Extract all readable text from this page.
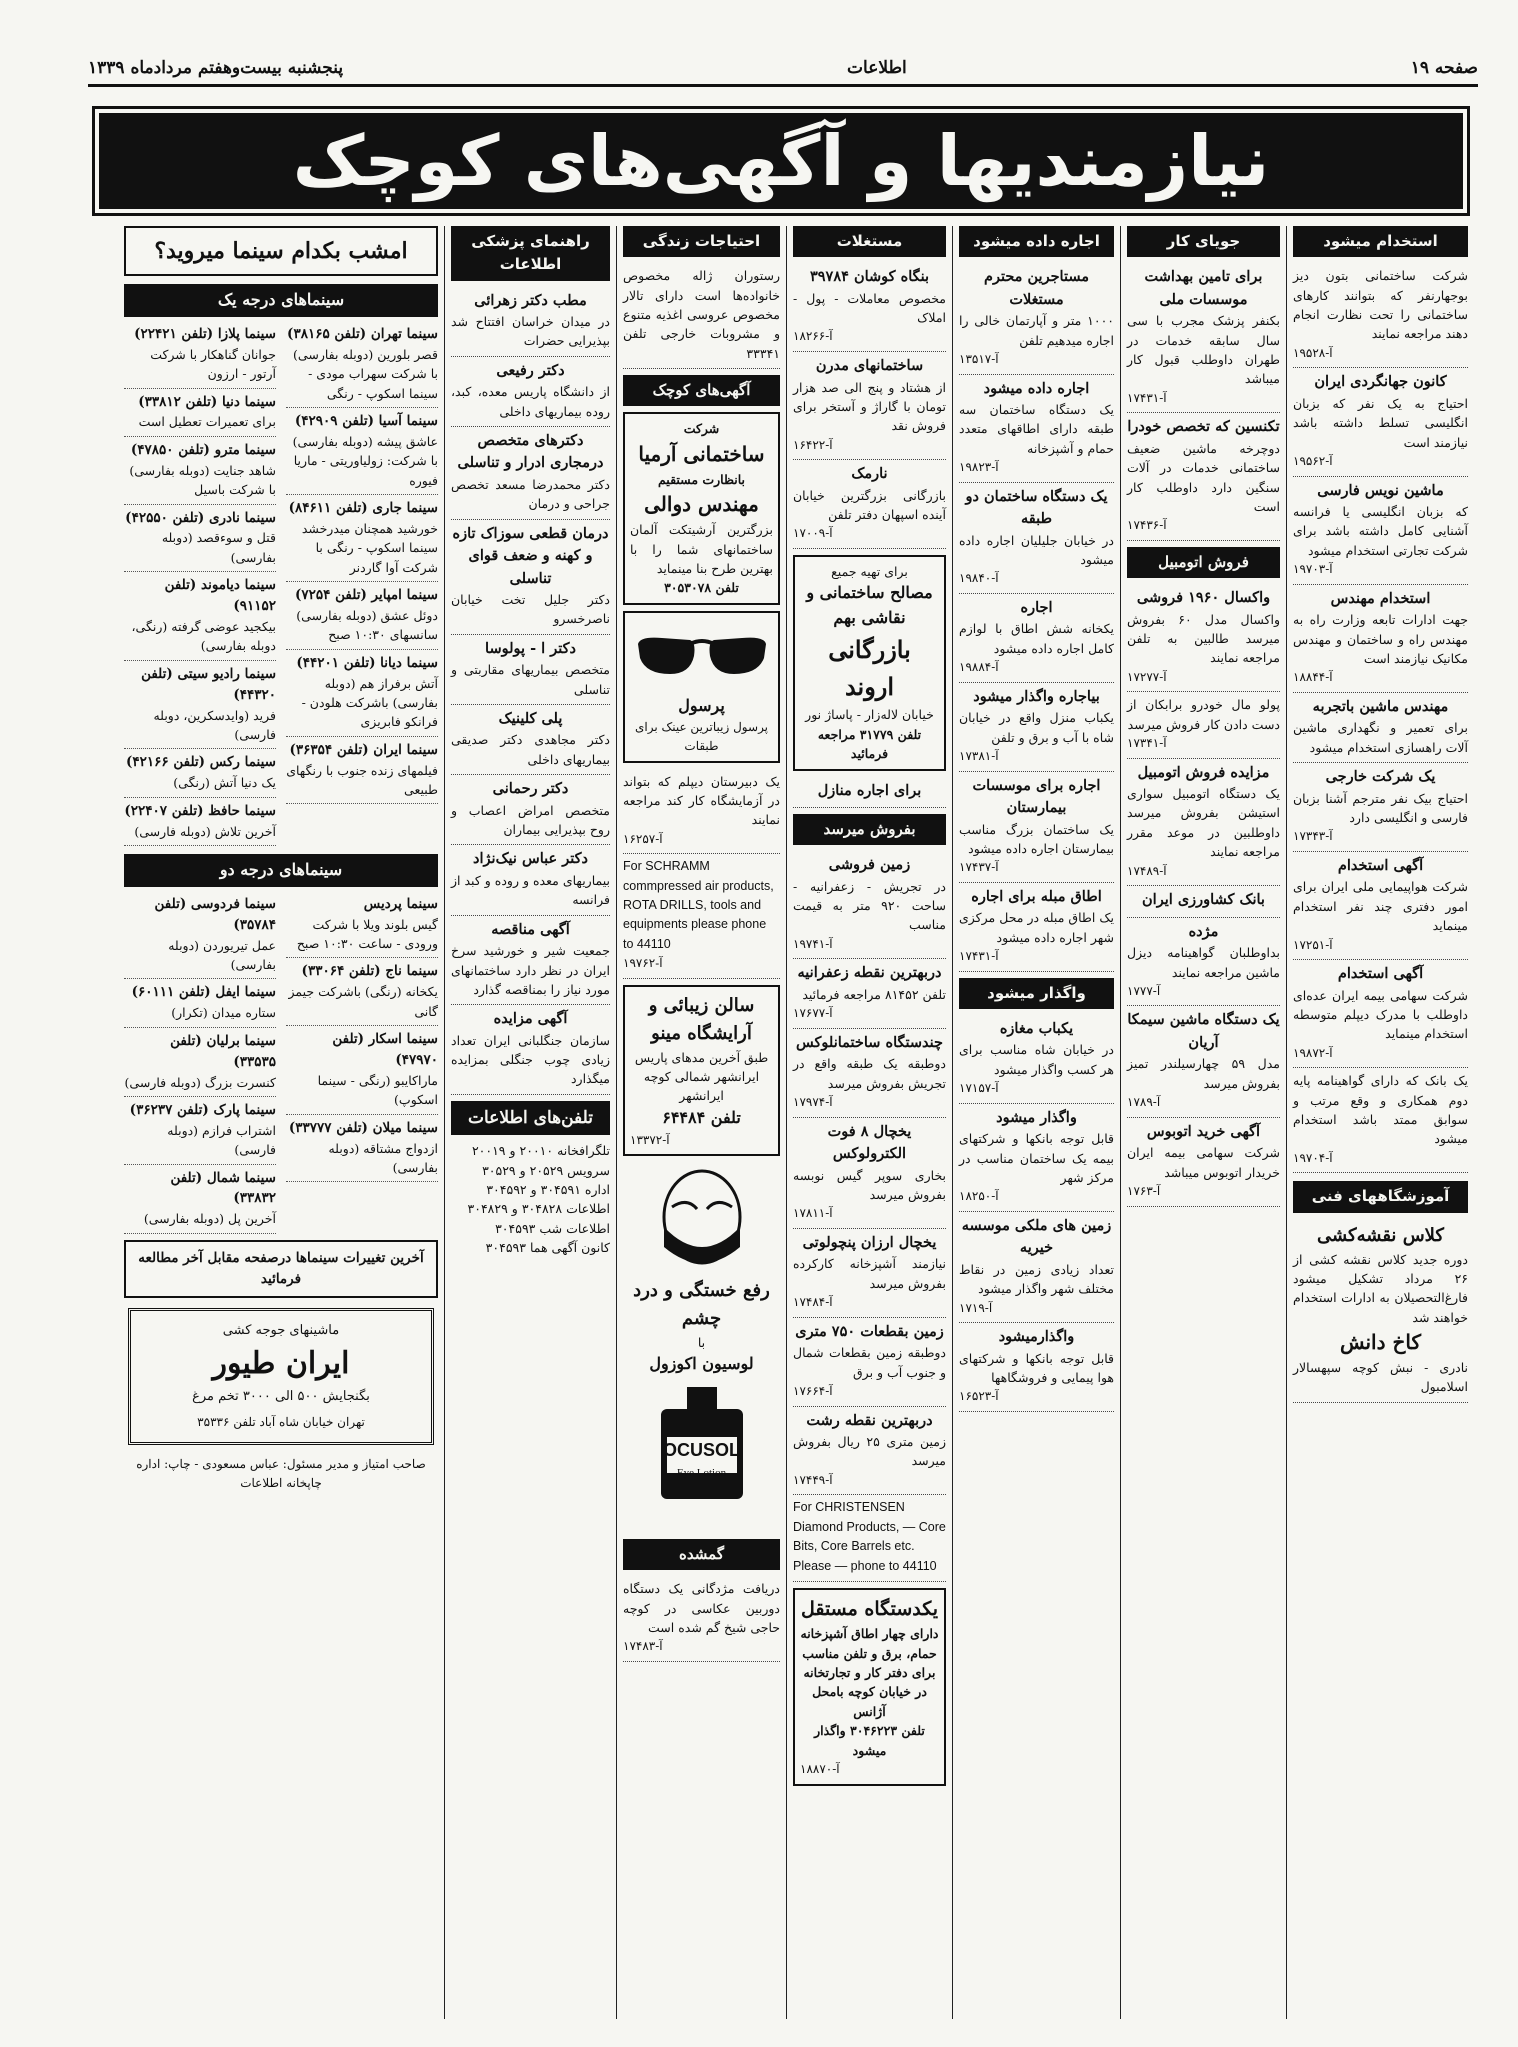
صفحه ۱۹
اطلاعات
پنجشنبه بیست‌وهفتم مردادماه ۱۳۳۹
نیازمندیها و آگهی‌های کوچک
استخدام میشود
شرکت ساختمانی بتون دیز بوجهارنفر که بتوانند کارهای ساختمانی را تحت نظارت انجام دهند مراجعه نمایند
۱۹۵۲۸-آ
کانون جهانگردی ایران
احتیاج به یک نفر که بزبان انگلیسی تسلط داشته باشد نیازمند است
۱۹۵۶۲-آ
ماشین نویس فارسی
که بزبان انگلیسی یا فرانسه آشنایی کامل داشته باشد برای شرکت تجارتی استخدام میشود
۱۹۷۰۳-آ
استخدام مهندس
جهت ادارات تابعه وزارت راه به مهندس راه و ساختمان و مهندس مکانیک نیازمند است
۱۸۸۴۴-آ
مهندس ماشین باتجربه
برای تعمیر و نگهداری ماشین آلات راهسازی استخدام میشود
یک شرکت خارجی
احتیاج بیک نفر مترجم آشنا بزبان فارسی و انگلیسی دارد
۱۷۳۴۳-آ
آگهی استخدام
شرکت هواپیمایی ملی ایران برای امور دفتری چند نفر استخدام مینماید
۱۷۲۵۱-آ
آگهی استخدام
شرکت سهامی بیمه ایران عده‌ای داوطلب با مدرک دیپلم متوسطه استخدام مینماید
۱۹۸۷۲-آ
یک بانک که دارای گواهینامه پایه دوم همکاری و وقع مرتب و سوابق ممتد باشد استخدام میشود
۱۹۷۰۴-آ
آموزشگاههای فنی
کلاس نقشه‌کشی
دوره جدید کلاس نقشه کشی از ۲۶ مرداد تشکیل میشود فارغ‌التحصیلان به ادارات استخدام خواهند شد
کاخ دانش
نادری - نبش کوچه سپهسالار اسلامبول
جویای کار
برای تامین بهداشت موسسات ملی
بکنفر پزشک مجرب با سی سال سابقه خدمات در طهران داوطلب قبول کار میباشد
۱۷۴۳۱-آ
تکنسین که تخصص خودرا
دوچرخه ماشین ضعیف ساختمانی خدمات در آلات سنگین دارد داوطلب کار است
۱۷۴۳۶-آ
فروش اتومبیل
واکسال ۱۹۶۰ فروشی
واکسال مدل ۶۰ بفروش میرسد طالبین به تلفن مراجعه نمایند
۱۷۲۷۷-آ
پولو مال خودرو برابکان از دست دادن کار فروش میرسد
۱۷۳۴۱-آ
مزایده فروش اتومبیل
یک دستگاه اتومبیل سواری استیشن بفروش میرسد داوطلبین در موعد مقرر مراجعه نمایند
۱۷۴۸۹-آ
بانک کشاورزی ایران
مژده
بداوطلبان گواهینامه دیزل ماشین مراجعه نمایند
۱۷۷۷-آ
یک دستگاه ماشین سیمکا آریان
مدل ۵۹ چهارسیلندر تمیز بفروش میرسد
۱۷۸۹-آ
آگهی خرید اتوبوس
شرکت سهامی بیمه ایران خریدار اتوبوس میباشد
۱۷۶۳-آ
اجاره داده میشود
مستاجرین محترم مستغلات
۱۰۰۰ متر و آپارتمان خالی را اجاره میدهیم تلفن
۱۳۵۱۷-آ
اجاره داده میشود
یک دستگاه ساختمان سه طبقه دارای اطاقهای متعدد حمام و آشپزخانه
۱۹۸۲۳-آ
یک دستگاه ساختمان دو طبقه
در خیابان جلیلیان اجاره داده میشود
۱۹۸۴۰-آ
اجاره
یکخانه شش اطاق با لوازم کامل اجاره داده میشود
۱۹۸۸۴-آ
بیاجاره واگذار میشود
یکباب منزل واقع در خیابان شاه با آب و برق و تلفن
۱۷۳۸۱-آ
اجاره برای موسسات بیمارستان
یک ساختمان بزرگ مناسب بیمارستان اجاره داده میشود
۱۷۴۳۷-آ
اطاق مبله برای اجاره
یک اطاق مبله در محل مرکزی شهر اجاره داده میشود
۱۷۴۳۱-آ
واگذار میشود
یکباب مغازه
در خیابان شاه مناسب برای هر کسب واگذار میشود
۱۷۱۵۷-آ
واگذار میشود
قابل توجه بانکها و شرکتهای بیمه یک ساختمان مناسب در مرکز شهر
۱۸۲۵۰-آ
زمین های ملکی موسسه خیریه
تعداد زیادی زمین در نقاط مختلف شهر واگذار میشود
۱۷۱۹-آ
واگذارمیشود
قابل توجه بانکها و شرکتهای هوا پیمایی و فروشگاهها
۱۶۵۲۳-آ
مستغلات
بنگاه کوشان ۳۹۷۸۴
مخصوص معاملات - پول - املاک
۱۸۲۶۶-آ
ساختمانهای مدرن
از هشتاد و پنج الی صد هزار تومان با گاراژ و آستخر برای فروش نقد
۱۶۴۲۲-آ
نارمک
بازرگانی بزرگترین خیابان آینده اسپهان دفتر تلفن
۱۷۰۰۹-آ
برای تهیه جمیع
مصالح ساختمانی و نقاشی بهم
بازرگانی اروند
خیابان لاله‌زار - پاساژ نور
تلفن ۳۱۷۷۹ مراجعه فرمائید
برای اجاره منازل
بفروش میرسد
زمین فروشی
در تجریش - زعفرانیه - ساحت ۹۲۰ متر به قیمت مناسب
۱۹۷۴۱-آ
دربهترین نقطه زعفرانیه
تلفن ۸۱۴۵۲ مراجعه فرمائید
۱۷۶۷۷-آ
چندستگاه ساختمانلوکس
دوطبقه یک طبقه واقع در تجریش بفروش میرسد
۱۷۹۷۴-آ
یخچال ۸ فوت الکترولوکس
بخاری سوپر گیس نوبسه بفروش میرسد
۱۷۸۱۱-آ
یخچال ارزان پنچولوتی
نیازمند آشپزخانه کارکرده بفروش میرسد
۱۷۴۸۴-آ
زمین بقطعات ۷۵۰ متری
دوطبقه زمین بقطعات شمال و جنوب آب و برق
۱۷۶۶۴-آ
دربهترین نقطه رشت
زمین متری ۲۵ ریال بفروش میرسد
۱۷۴۴۹-آ
For CHRISTENSEN Diamond Products, — Core Bits, Core Barrels etc. Please — phone to 44110
یکدستگاه مستقل
دارای چهار اطاق آشپزخانه حمام، برق و تلفن مناسب برای دفتر کار و تجارتخانه در خیابان کوچه بامحل آژانس
تلفن ۳۰۴۶۲۲۳ واگذار میشود
۱۸۸۷۰-آ
احتیاجات زندگی
رستوران ژاله مخصوص خانواده‌ها است دارای تالار مخصوص عروسی اغذیه متنوع و مشروبات خارجی تلفن ۳۳۳۴۱
آگهی‌های کوچک
شرکت
ساختمانی آرمیا
بانظارت مستقیم
مهندس دوالی
بزرگترین آرشیتکت آلمان ساختمانهای شما را با بهترین طرح بنا مینماید
تلفن ۳۰۵۳۰۷۸
پرسول
پرسول زیباترین عینک برای طبقات
یک دبیرستان دیپلم که بتواند در آزمایشگاه کار کند مراجعه نمایند
۱۶۲۵۷-آ
For SCHRAMM commpressed air products, ROTA DRILLS, tools and equipments please phone to 44110
۱۹۷۶۲-آ
سالن زیبائی و آرایشگاه مینو
طبق آخرین مدهای پاریس ایرانشهر شمالی کوچه ایرانشهر
تلفن ۶۴۴۸۴
۱۳۳۷۲-آ
رفع خستگی و درد چشم
با
لوسیون اکوزول
OCUSOL
Eye Lotion
گمشده
دریافت مژدگانی یک دستگاه دوربین عکاسی در کوچه حاجی شیخ گم شده است
۱۷۴۸۳-آ
راهنمای پزشکی اطلاعات
مطب دکتر زهرائی
در میدان خراسان افتتاح شد بپذیرایی حضرات
دکتر رفیعی
از دانشگاه پاریس معده، کبد، روده بیماریهای داخلی
دکترهای متخصص درمجاری ادرار و تناسلی
دکتر محمدرضا مسعد تخصص جراحی و درمان
درمان قطعی سوزاک تازه و کهنه و ضعف قوای تناسلی
دکتر جلیل تخت خیابان ناصرخسرو
دکتر ا - پولوسا
متخصص بیماریهای مقاربتی و تناسلی
پلی کلینیک
دکتر مجاهدی دکتر صدیقی بیماریهای داخلی
دکتر رحمانی
متخصص امراض اعصاب و روح بپذیرایی بیماران
دکتر عباس نیک‌نژاد
بیماریهای معده و روده و کبد از فرانسه
آگهی مناقصه
جمعیت شیر و خورشید سرخ ایران در نظر دارد ساختمانهای مورد نیاز را بمناقصه گذارد
آگهی مزایده
سازمان جنگلبانی ایران تعداد زیادی چوب جنگلی بمزایده میگذارد
تلفن‌های اطلاعات
تلگرافخانه ۲۰۰۱۰ و ۲۰۰۱۹
سرویس ۲۰۵۲۹ و ۳۰۵۲۹
اداره ۳۰۴۵۹۱ و ۳۰۴۵۹۲
اطلاعات ۳۰۴۸۲۸ و ۳۰۴۸۲۹
اطلاعات شب ۳۰۴۵۹۳
کانون آگهی هما ۳۰۴۵۹۳
امشب بکدام سینما میروید؟
سینماهای درجه یک
سینما تهران (تلفن ۳۸۱۶۵)
قصر بلورین (دوبله بفارسی) با شرکت سهراب مودی - سینما اسکوپ - رنگی
سینما آسیا (تلفن ۴۲۹۰۹)
عاشق پیشه (دوبله بفارسی) با شرکت: زولیاوریتی - ماریا فیوره
سینما جاری (تلفن ۸۴۶۱۱)
خورشید همچنان میدرخشد سینما اسکوپ - رنگی با شرکت آوا گاردنر
سینما امپایر (تلفن ۷۲۵۴)
دوئل عشق (دوبله بفارسی) سانسهای ۱۰:۳۰ صبح
سینما دیانا (تلفن ۴۴۲۰۱)
آتش برفراز هم (دوبله بفارسی) باشرکت هلودن - فرانکو فابریزی
سینما ایران (تلفن ۳۶۳۵۴)
فیلمهای زنده جنوب با رنگهای طبیعی
سینما پلازا (تلفن ۲۲۴۲۱)
جوانان گناهکار با شرکت آرتور - ارزون
سینما دنیا (تلفن ۳۳۸۱۲)
برای تعمیرات تعطیل است
سینما مترو (تلفن ۴۷۸۵۰)
شاهد جنایت (دوبله بفارسی) با شرکت باسیل
سینما نادری (تلفن ۴۲۵۵۰)
قتل و سوءقصد (دوبله بفارسی)
سینما دیاموند (تلفن ۹۱۱۵۲)
بیکجید عوضی گرفته (رنگی، دوبله بفارسی)
سینما رادیو سیتی (تلفن ۴۴۳۲۰)
فرید (وایدسکرین، دوبله فارسی)
سینما رکس (تلفن ۴۲۱۶۶)
یک دنیا آتش (رنگی)
سینما حافظ (تلفن ۲۲۴۰۷)
آخرین تلاش (دوبله فارسی)
سینماهای درجه دو
سینما پردیس
گیس بلوند ویلا با شرکت ورودی - ساعت ۱۰:۳۰ صبح
سینما ناج (تلفن ۳۳۰۶۴)
یکخانه (رنگی) باشرکت جیمز گانی
سینما اسکار (تلفن ۴۷۹۷۰)
ماراکایبو (رنگی - سینما اسکوپ)
سینما میلان (تلفن ۳۳۷۷۷)
ازدواج مشتاقه (دوبله بفارسی)
سینما فردوسی (تلفن ۳۵۷۸۴)
عمل تیریوردن (دوبله بفارسی)
سینما ایفل (تلفن ۶۰۱۱۱)
ستاره میدان (تکرار)
سینما برلیان (تلفن ۳۳۵۳۵)
کنسرت بزرگ (دوبله فارسی)
سینما پارک (تلفن ۳۶۲۳۷)
اشتراب فرازم (دوبله فارسی)
سینما شمال (تلفن ۳۳۸۳۲)
آخرین پل (دوبله بفارسی)
آخرین تغییرات سینماها درصفحه مقابل آخر مطالعه فرمائید
ماشینهای جوجه کشی
ایران طیور
بگنجایش ۵۰۰ الی ۳۰۰۰ تخم مرغ
تهران خیابان شاه آباد تلفن ۳۵۳۳۶
صاحب امتیاز و مدیر مسئول: عباس مسعودی - چاپ: اداره چاپخانه اطلاعات
